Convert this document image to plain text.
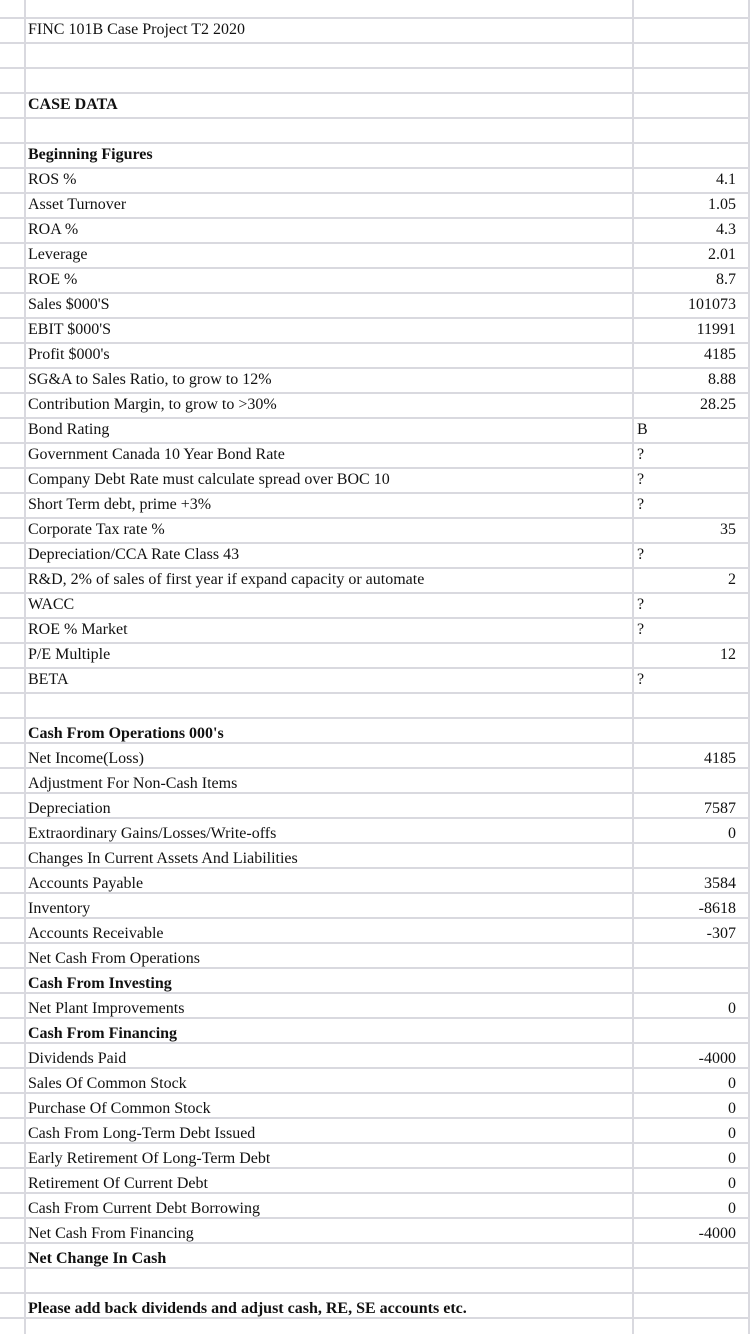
FINC 101B Case Project T2 2020
CASE DATA
Beginning Figures
ROS %	4.1
Asset Turnover	1.05
ROA %	4.3
Leverage	2.01
ROE %	8.7
Sales $000'S	101073
EBIT $000'S	11991
Profit $000's	4185
SG&A to Sales Ratio, to grow to 12%	8.88
Contribution Margin, to grow to >30%	28.25
Bond Rating	B
Government Canada 10 Year Bond Rate	?
Company Debt Rate must calculate spread over BOC 10	?
Short Term debt, prime +3%	?
Corporate Tax rate %	35
Depreciation/CCA Rate Class 43	?
R&D, 2% of sales of first year if expand capacity or automate	2
WACC	?
ROE % Market	?
P/E Multiple	12
BETA	?
Cash From Operations 000's
Net Income(Loss)	4185
Adjustment For Non-Cash Items
Depreciation	7587
Extraordinary Gains/Losses/Write-offs	0
Changes In Current Assets And Liabilities
Accounts Payable	3584
Inventory	-8618
Accounts Receivable	-307
Net Cash From Operations
Cash From Investing
Net Plant Improvements	0
Cash From Financing
Dividends Paid	-4000
Sales Of Common Stock	0
Purchase Of Common Stock	0
Cash From Long-Term Debt Issued	0
Early Retirement Of Long-Term Debt	0
Retirement Of Current Debt	0
Cash From Current Debt Borrowing	0
Net Cash From Financing	-4000
Net Change In Cash
Please add back dividends and adjust cash, RE, SE accounts etc.
